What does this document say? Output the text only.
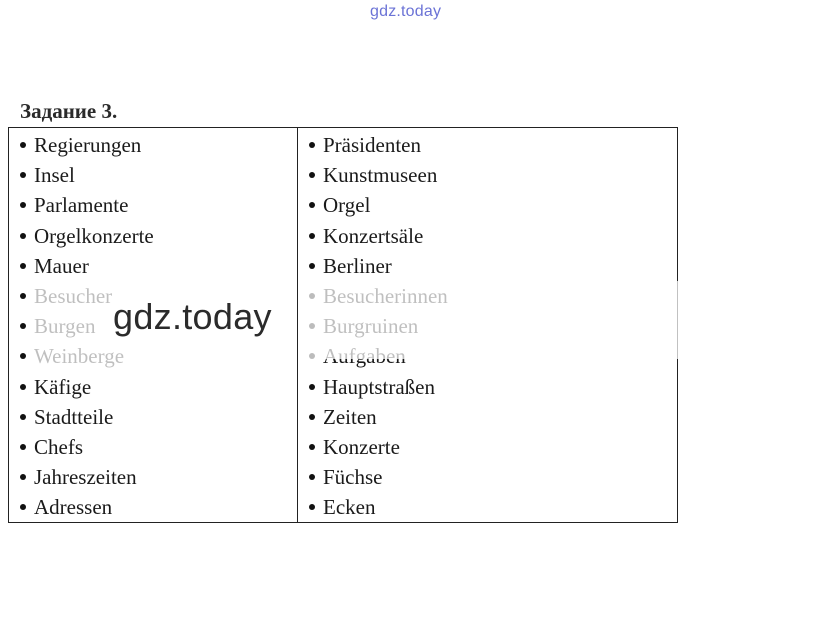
gdz.today
Задание 3.
Regierungen
Insel
Parlamente
Orgelkonzerte
Mauer
Käfige
Stadtteile
Chefs
Jahreszeiten
Adressen
Präsidenten
Kunstmuseen
Orgel
Konzertsäle
Berliner
Hauptstraßen
Zeiten
Konzerte
Füchse
Ecken
gdz.today
